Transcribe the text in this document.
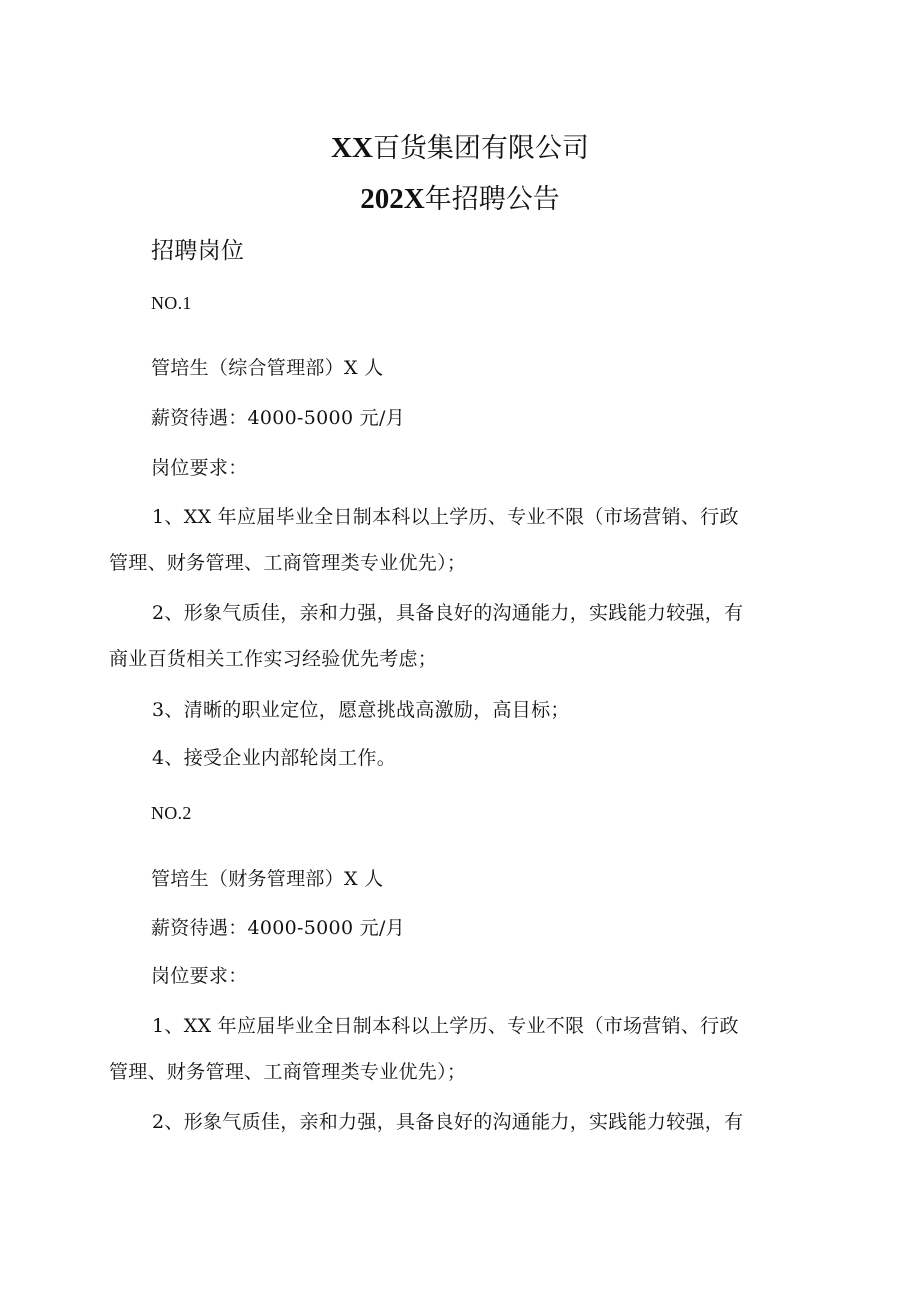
XX百货集团有限公司
202X年招聘公告
招聘岗位
NO.1
管培生（综合管理部）X 人
薪资待遇：4000-5000 元/月
岗位要求：
1、XX 年应届毕业全日制本科以上学历、专业不限（市场营销、行政
管理、财务管理、工商管理类专业优先）；
2、形象气质佳，亲和力强，具备良好的沟通能力，实践能力较强，有
商业百货相关工作实习经验优先考虑；
3、清晰的职业定位，愿意挑战高激励，高目标；
4、接受企业内部轮岗工作。
NO.2
管培生（财务管理部）X 人
薪资待遇：4000-5000 元/月
岗位要求：
1、XX 年应届毕业全日制本科以上学历、专业不限（市场营销、行政
管理、财务管理、工商管理类专业优先）；
2、形象气质佳，亲和力强，具备良好的沟通能力，实践能力较强，有
